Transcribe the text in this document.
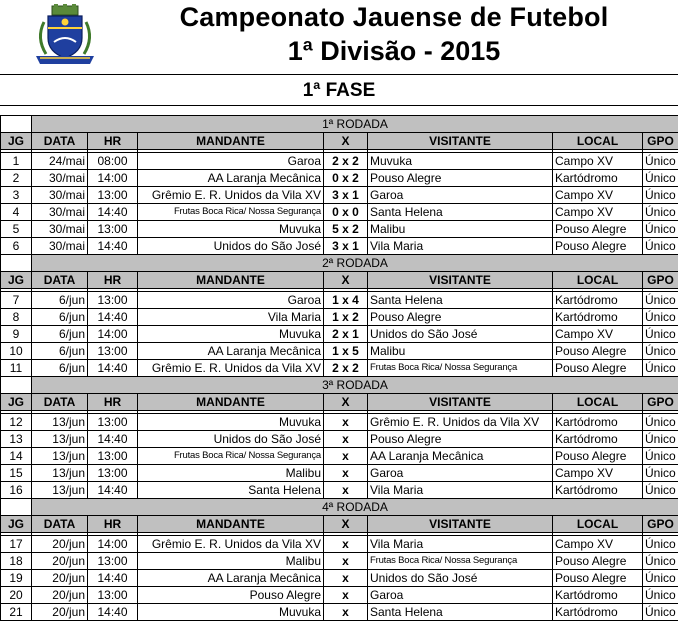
Campeonato Jauense de Futebol
1ª Divisão - 2015
1ª FASE
	1ª RODADA						
JG	DATA	HR	MANDANTE	X	VISITANTE	LOCAL	GPO

1	24/mai	08:00	Garoa	2 x 2	Muvuka	Campo XV	Único
2	30/mai	14:00	AA Laranja Mecânica	0 x 2	Pouso Alegre	Kartódromo	Único
3	30/mai	13:00	Grêmio E. R. Unidos da Vila XV	3 x 1	Garoa	Campo XV	Único
4	30/mai	14:40	Frutas Boca Rica/ Nossa Segurança	0 x 0	Santa Helena	Campo XV	Único
5	30/mai	13:00	Muvuka	5 x 2	Malibu	Pouso Alegre	Único
6	30/mai	14:40	Unidos do São José	3 x 1	Vila Maria	Pouso Alegre	Único
	2ª RODADA						
JG	DATA	HR	MANDANTE	X	VISITANTE	LOCAL	GPO

7	6/jun	13:00	Garoa	1 x 4	Santa Helena	Kartódromo	Único
8	6/jun	14:40	Vila Maria	1 x 2	Pouso Alegre	Kartódromo	Único
9	6/jun	14:00	Muvuka	2 x 1	Unidos do São José	Campo XV	Único
10	6/jun	13:00	AA Laranja Mecânica	1 x 5	Malibu	Pouso Alegre	Único
11	6/jun	14:40	Grêmio E. R. Unidos da Vila XV	2 x 2	Frutas Boca Rica/ Nossa Segurança	Pouso Alegre	Único
	3ª RODADA						
JG	DATA	HR	MANDANTE	X	VISITANTE	LOCAL	GPO

12	13/jun	13:00	Muvuka	x	Grêmio E. R. Unidos da Vila XV	Kartódromo	Único
13	13/jun	14:40	Unidos do São José	x	Pouso Alegre	Kartódromo	Único
14	13/jun	13:00	Frutas Boca Rica/ Nossa Segurança	x	AA Laranja Mecânica	Pouso Alegre	Único
15	13/jun	13:00	Malibu	x	Garoa	Campo XV	Único
16	13/jun	14:40	Santa Helena	x	Vila Maria	Kartódromo	Único
	4ª RODADA						
JG	DATA	HR	MANDANTE	X	VISITANTE	LOCAL	GPO

17	20/jun	14:00	Grêmio E. R. Unidos da Vila XV	x	Vila Maria	Campo XV	Único
18	20/jun	13:00	Malibu	x	Frutas Boca Rica/ Nossa Segurança	Pouso Alegre	Único
19	20/jun	14:40	AA Laranja Mecânica	x	Unidos do São José	Pouso Alegre	Único
20	20/jun	13:00	Pouso Alegre	x	Garoa	Kartódromo	Único
21	20/jun	14:40	Muvuka	x	Santa Helena	Kartódromo	Único
